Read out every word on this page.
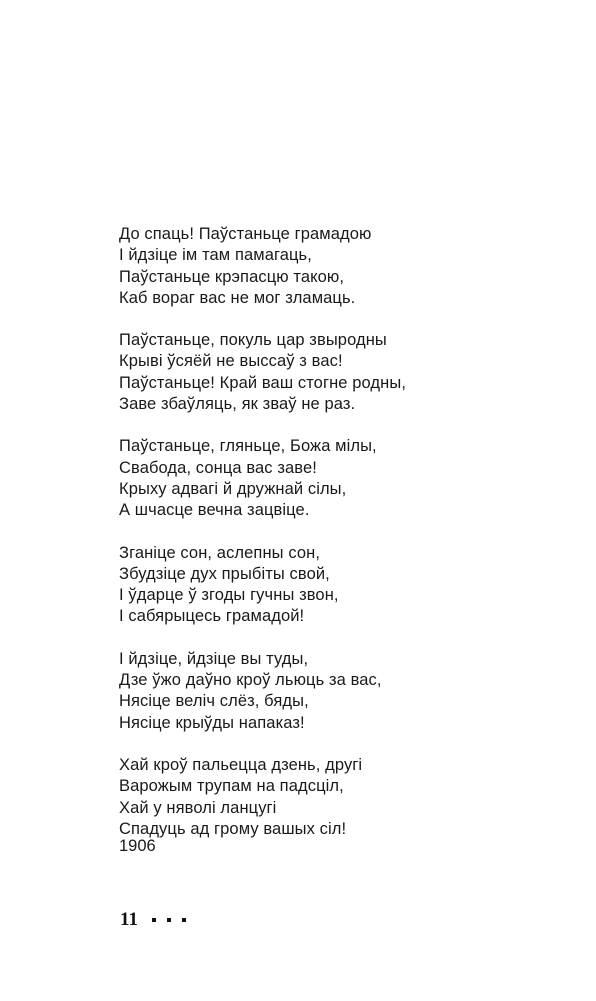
До спаць! Паўстаньце грамадою
І йдзіце ім там памагаць,
Паўстаньце крэпасцю такою,
Каб вораг вас не мог зламаць.
Паўстаньце, покуль цар звыродны
Крыві ўсяёй не выссаў з вас!
Паўстаньце! Край ваш стогне родны,
Заве збаўляць, як зваў не раз.
Паўстаньце, гляньце, Божа мілы,
Свабода, сонца вас заве!
Крыху адвагі й дружнай сілы,
А шчасце вечна зацвіце.
Зганіце сон, аслепны сон,
Збудзіце дух прыбіты свой,
І ўдарце ў згоды гучны звон,
І сабярыцесь грамадой!
І йдзіце, йдзіце вы туды,
Дзе ўжо даўно кроў льюць за вас,
Нясіце веліч слёз, бяды,
Нясіце крыўды напаказ!
Хай кроў пальецца дзень, другі
Варожым трупам на падсціл,
Хай у няволі ланцугі
Спадуць ад грому вашых сіл!
1906
11
